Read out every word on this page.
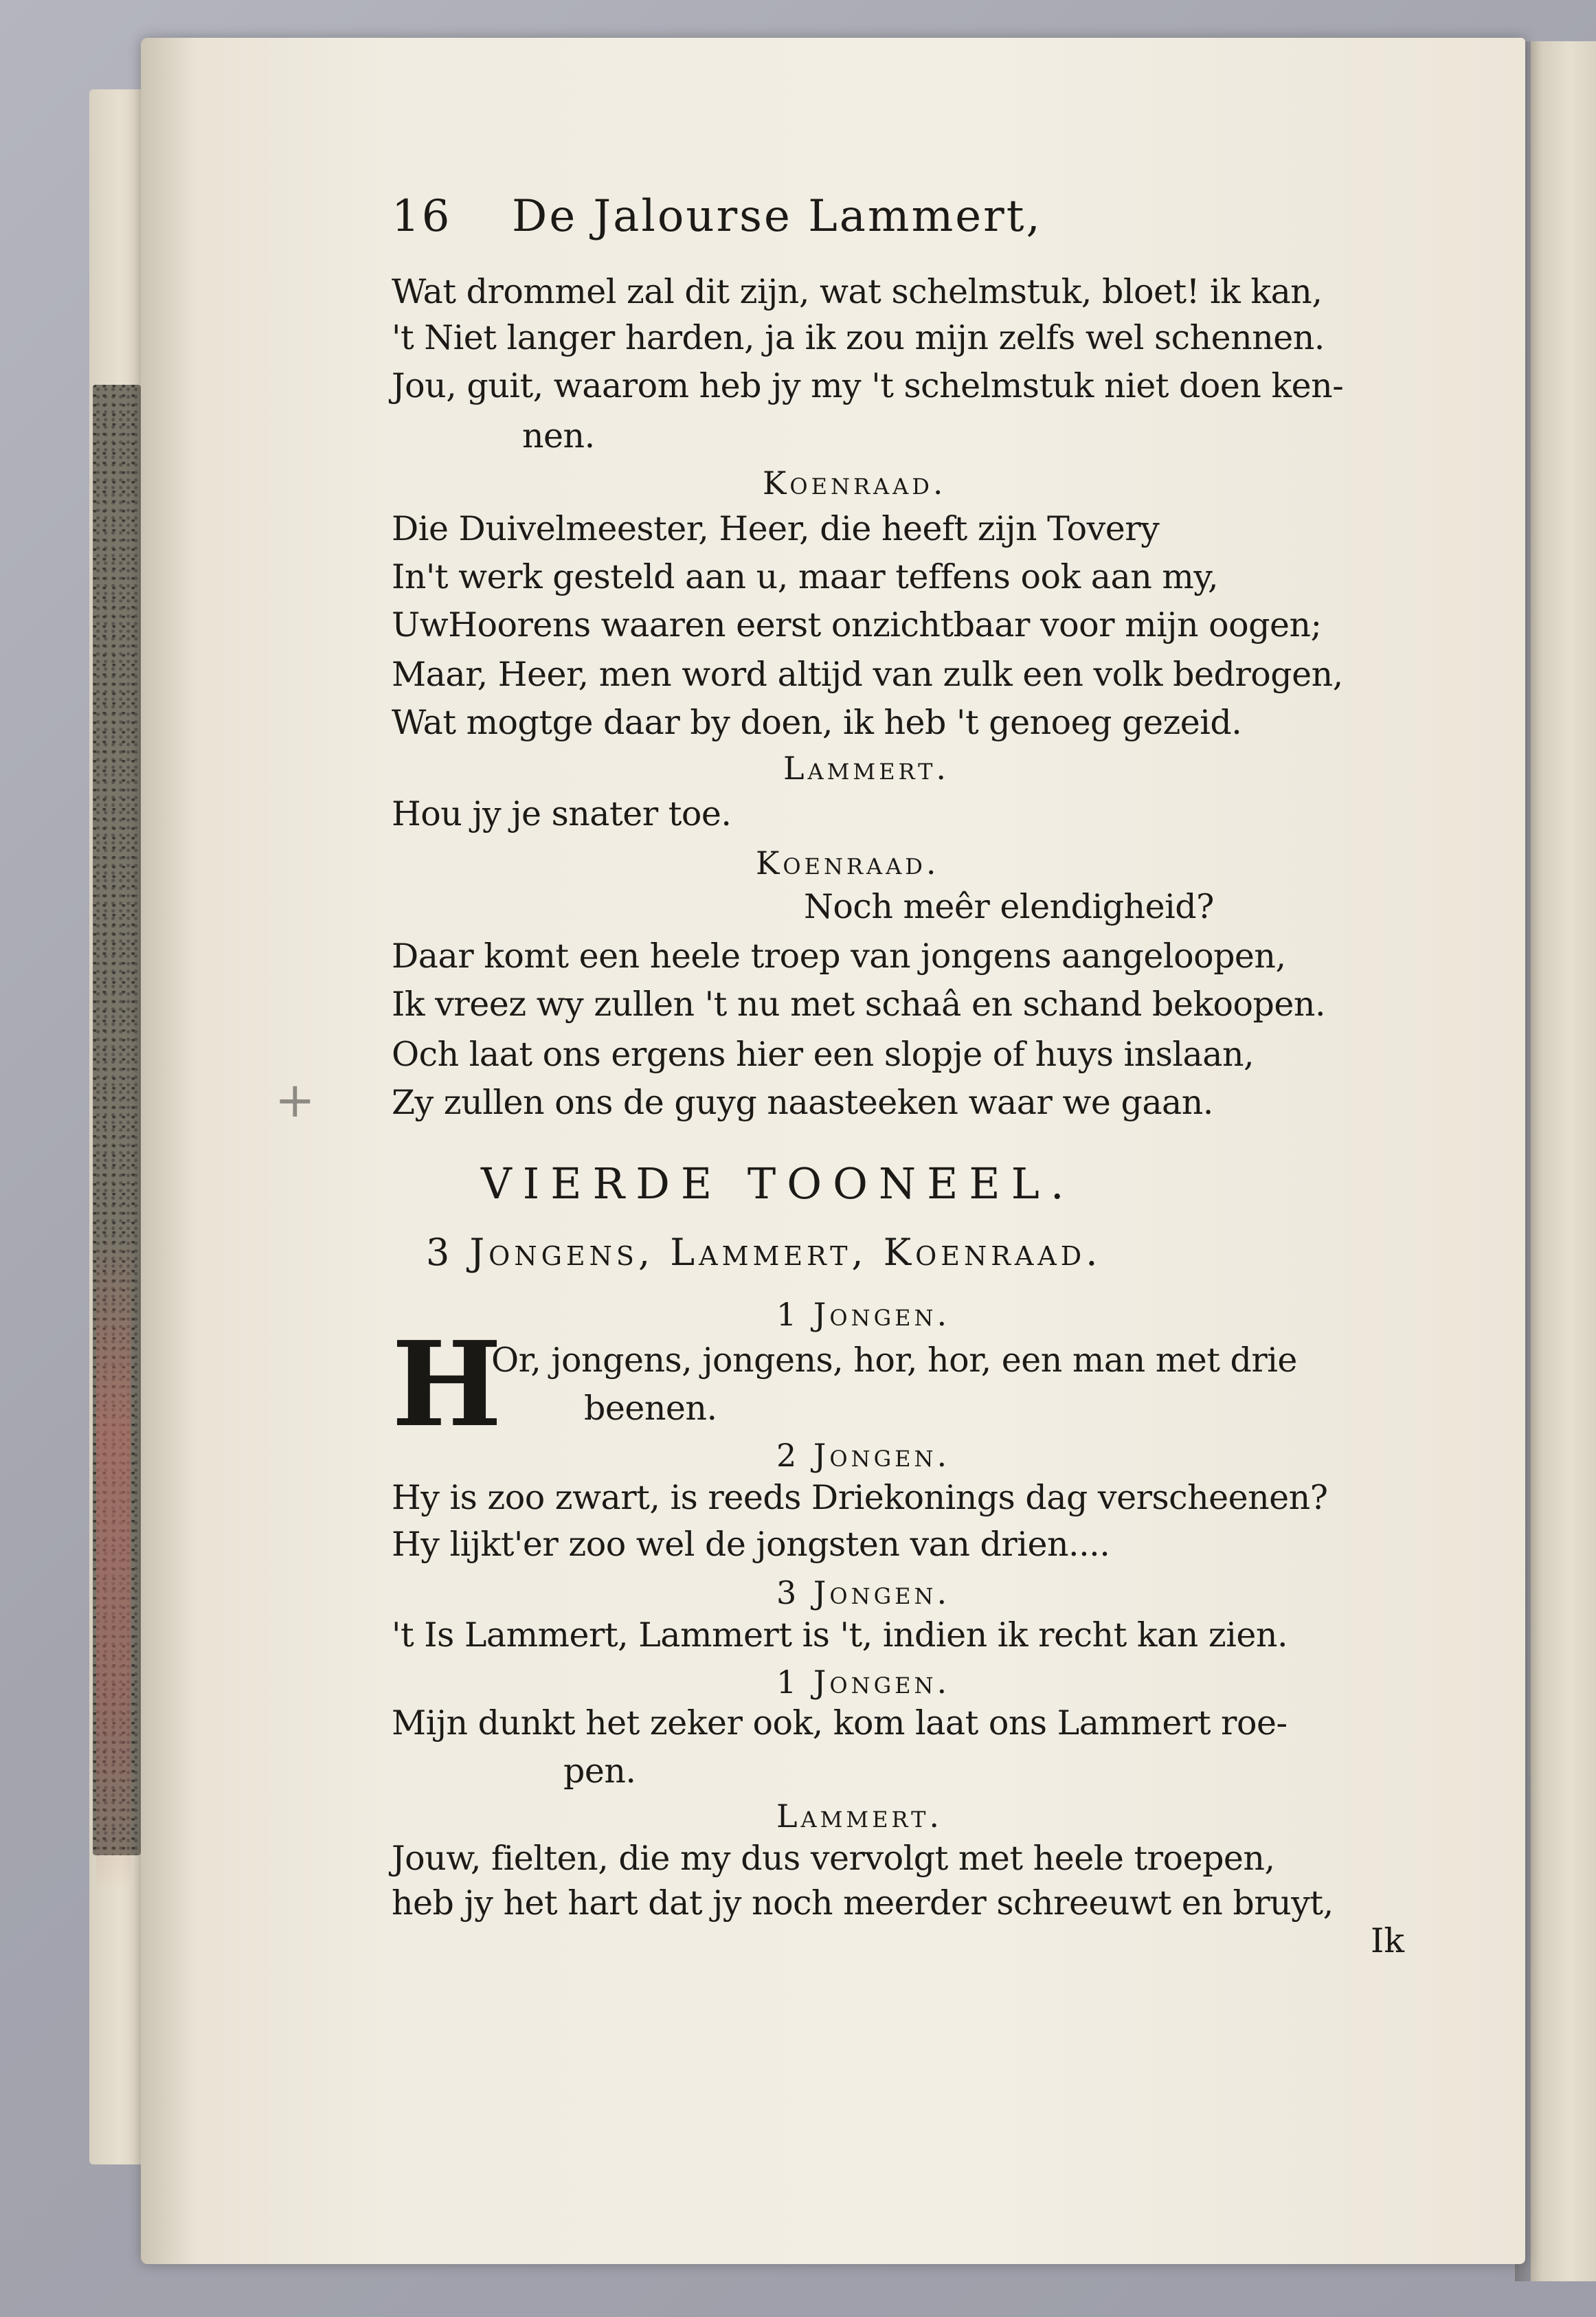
+
16 De Jalourse Lammert,
Wat drommel zal dit zijn, wat schelmstuk, bloet! ik kan,
't Niet langer harden, ja ik zou mijn zelfs wel schennen.
Jou, guit, waarom heb jy my 't schelmstuk niet doen ken-
nen.
Koenraad.
Die Duivelmeester, Heer, die heeft zijn Tovery
In't werk gesteld aan u, maar teffens ook aan my,
UwHoorens waaren eerst onzichtbaar voor mijn oogen;
Maar, Heer, men word altijd van zulk een volk bedrogen,
Wat mogtge daar by doen, ik heb 't genoeg gezeid.
Lammert.
Hou jy je snater toe.
Koenraad.
Noch meêr elendigheid?
Daar komt een heele troep van jongens aangeloopen,
Ik vreez wy zullen 't nu met schaâ en schand bekoopen.
Och laat ons ergens hier een slopje of huys inslaan,
Zy zullen ons de guyg naasteeken waar we gaan.
VIERDE TOONEEL.
3 Jongens, Lammert, Koenraad.
1 Jongen.
H
Or, jongens, jongens, hor, hor, een man met drie
beenen.
2 Jongen.
Hy is zoo zwart, is reeds Driekonings dag verscheenen?
Hy lijkt'er zoo wel de jongsten van drien....
3 Jongen.
't Is Lammert, Lammert is 't, indien ik recht kan zien.
1 Jongen.
Mijn dunkt het zeker ook, kom laat ons Lammert roe-
pen.
Lammert.
Jouw, fielten, die my dus vervolgt met heele troepen,
heb jy het hart dat jy noch meerder schreeuwt en bruyt,
Ik
